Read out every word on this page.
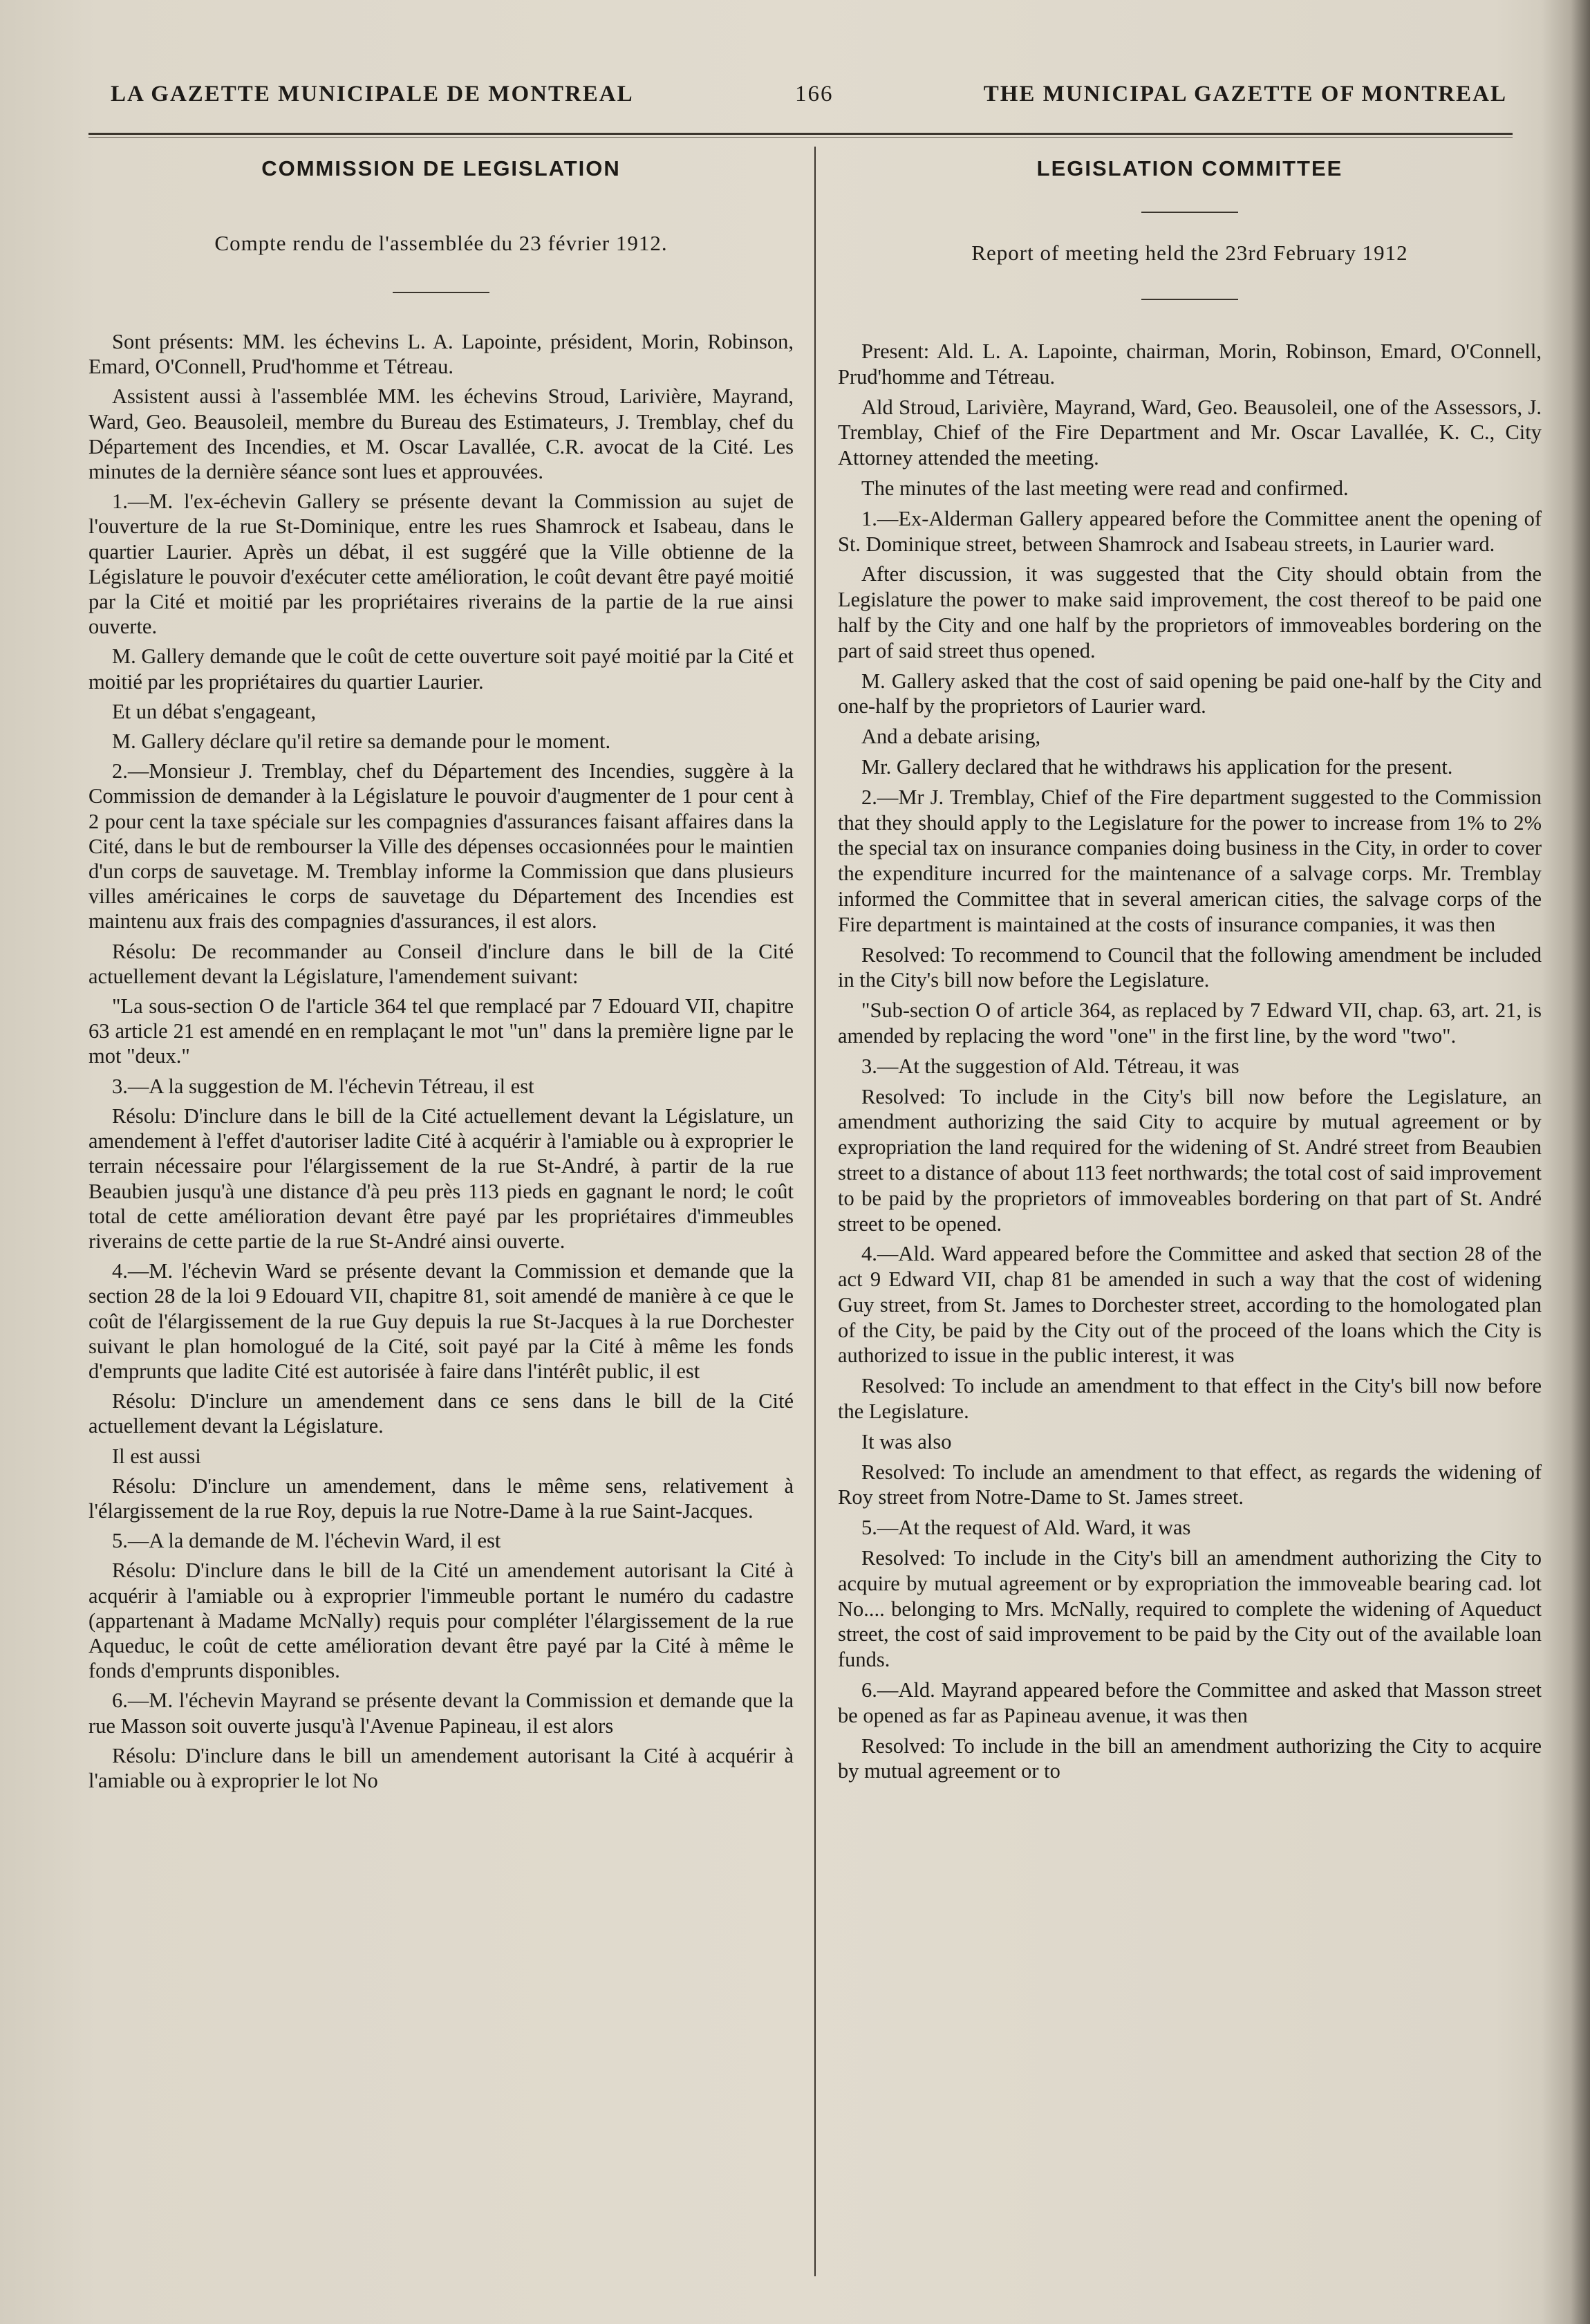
LA GAZETTE MUNICIPALE DE MONTREAL	166	THE MUNICIPAL GAZETTE OF MONTREAL
COMMISSION DE LEGISLATION
Compte rendu de l'assemblée du 23 février 1912.

Sont présents: MM. les échevins L. A. Lapointe, président, Morin, Robinson, Emard, O'Connell, Prud'homme et Tétreau.

Assistent aussi à l'assemblée MM. les échevins Stroud, Larivière, Mayrand, Ward, Geo. Beausoleil, membre du Bureau des Estimateurs, J. Tremblay, chef du Département des Incendies, et M. Oscar Lavallée, C.R. avocat de la Cité. Les minutes de la dernière séance sont lues et approuvées.

1.—M. l'ex-échevin Gallery se présente devant la Commission au sujet de l'ouverture de la rue St-Dominique, entre les rues Shamrock et Isabeau, dans le quartier Laurier. Après un débat, il est suggéré que la Ville obtienne de la Législature le pouvoir d'exécuter cette amélioration, le coût devant être payé moitié par la Cité et moitié par les propriétaires riverains de la partie de la rue ainsi ouverte.

M. Gallery demande que le coût de cette ouverture soit payé moitié par la Cité et moitié par les propriétaires du quartier Laurier.

Et un débat s'engageant,

M. Gallery déclare qu'il retire sa demande pour le moment.

2.—Monsieur J. Tremblay, chef du Département des Incendies, suggère à la Commission de demander à la Législature le pouvoir d'augmenter de 1 pour cent à 2 pour cent la taxe spéciale sur les compagnies d'assurances faisant affaires dans la Cité, dans le but de rembourser la Ville des dépenses occasionnées pour le maintien d'un corps de sauvetage. M. Tremblay informe la Commission que dans plusieurs villes américaines le corps de sauvetage du Département des Incendies est maintenu aux frais des compagnies d'assurances, il est alors.

Résolu: De recommander au Conseil d'inclure dans le bill de la Cité actuellement devant la Législature, l'amendement suivant:

"La sous-section O de l'article 364 tel que remplacé par 7 Edouard VII, chapitre 63 article 21 est amendé en en remplaçant le mot "un" dans la première ligne par le mot "deux."

3.—A la suggestion de M. l'échevin Tétreau, il est

Résolu: D'inclure dans le bill de la Cité actuellement devant la Législature, un amendement à l'effet d'autoriser ladite Cité à acquérir à l'amiable ou à exproprier le terrain nécessaire pour l'élargissement de la rue St-André, à partir de la rue Beaubien jusqu'à une distance d'à peu près 113 pieds en gagnant le nord; le coût total de cette amélioration devant être payé par les propriétaires d'immeubles riverains de cette partie de la rue St-André ainsi ouverte.

4.—M. l'échevin Ward se présente devant la Commission et demande que la section 28 de la loi 9 Edouard VII, chapitre 81, soit amendé de manière à ce que le coût de l'élargissement de la rue Guy depuis la rue St-Jacques à la rue Dorchester suivant le plan homologué de la Cité, soit payé par la Cité à même les fonds d'emprunts que ladite Cité est autorisée à faire dans l'intérêt public, il est

Résolu: D'inclure un amendement dans ce sens dans le bill de la Cité actuellement devant la Législature.

Il est aussi

Résolu: D'inclure un amendement, dans le même sens, relativement à l'élargissement de la rue Roy, depuis la rue Notre-Dame à la rue Saint-Jacques.

5.—A la demande de M. l'échevin Ward, il est

Résolu: D'inclure dans le bill de la Cité un amendement autorisant la Cité à acquérir à l'amiable ou à exproprier l'immeuble portant le numéro du cadastre (appartenant à Madame McNally) requis pour compléter l'élargissement de la rue Aqueduc, le coût de cette amélioration devant être payé par la Cité à même le fonds d'emprunts disponibles.

6.—M. l'échevin Mayrand se présente devant la Commission et demande que la rue Masson soit ouverte jusqu'à l'Avenue Papineau, il est alors

Résolu: D'inclure dans le bill un amendement autorisant la Cité à acquérir à l'amiable ou à exproprier le lot No

LEGISLATION COMMITTEE
Report of meeting held the 23rd February 1912

Present: Ald. L. A. Lapointe, chairman, Morin, Robinson, Emard, O'Connell, Prud'homme and Tétreau.

Ald Stroud, Larivière, Mayrand, Ward, Geo. Beausoleil, one of the Assessors, J. Tremblay, Chief of the Fire Department and Mr. Oscar Lavallée, K. C., City Attorney attended the meeting.

The minutes of the last meeting were read and confirmed.

1.—Ex-Alderman Gallery appeared before the Committee anent the opening of St. Dominique street, between Shamrock and Isabeau streets, in Laurier ward.

After discussion, it was suggested that the City should obtain from the Legislature the power to make said improvement, the cost thereof to be paid one half by the City and one half by the proprietors of immoveables bordering on the part of said street thus opened.

M. Gallery asked that the cost of said opening be paid one-half by the City and one-half by the proprietors of Laurier ward.

And a debate arising,

Mr. Gallery declared that he withdraws his application for the present.

2.—Mr J. Tremblay, Chief of the Fire department suggested to the Commission that they should apply to the Legislature for the power to increase from 1% to 2% the special tax on insurance companies doing business in the City, in order to cover the expenditure incurred for the maintenance of a salvage corps. Mr. Tremblay informed the Committee that in several american cities, the salvage corps of the Fire department is maintained at the costs of insurance companies, it was then

Resolved: To recommend to Council that the following amendment be included in the City's bill now before the Legislature.

"Sub-section O of article 364, as replaced by 7 Edward VII, chap. 63, art. 21, is amended by replacing the word "one" in the first line, by the word "two".

3.—At the suggestion of Ald. Tétreau, it was

Resolved: To include in the City's bill now before the Legislature, an amendment authorizing the said City to acquire by mutual agreement or by expropriation the land required for the widening of St. André street from Beaubien street to a distance of about 113 feet northwards; the total cost of said improvement to be paid by the proprietors of immoveables bordering on that part of St. André street to be opened.

4.—Ald. Ward appeared before the Committee and asked that section 28 of the act 9 Edward VII, chap 81 be amended in such a way that the cost of widening Guy street, from St. James to Dorchester street, according to the homologated plan of the City, be paid by the City out of the proceed of the loans which the City is authorized to issue in the public interest, it was

Resolved: To include an amendment to that effect in the City's bill now before the Legislature.

It was also

Resolved: To include an amendment to that effect, as regards the widening of Roy street from Notre-Dame to St. James street.

5.—At the request of Ald. Ward, it was

Resolved: To include in the City's bill an amendment authorizing the City to acquire by mutual agreement or by expropriation the immoveable bearing cad. lot No.... belonging to Mrs. McNally, required to complete the widening of Aqueduct street, the cost of said improvement to be paid by the City out of the available loan funds.

6.—Ald. Mayrand appeared before the Committee and asked that Masson street be opened as far as Papineau avenue, it was then

Resolved: To include in the bill an amendment authorizing the City to acquire by mutual agreement or to
